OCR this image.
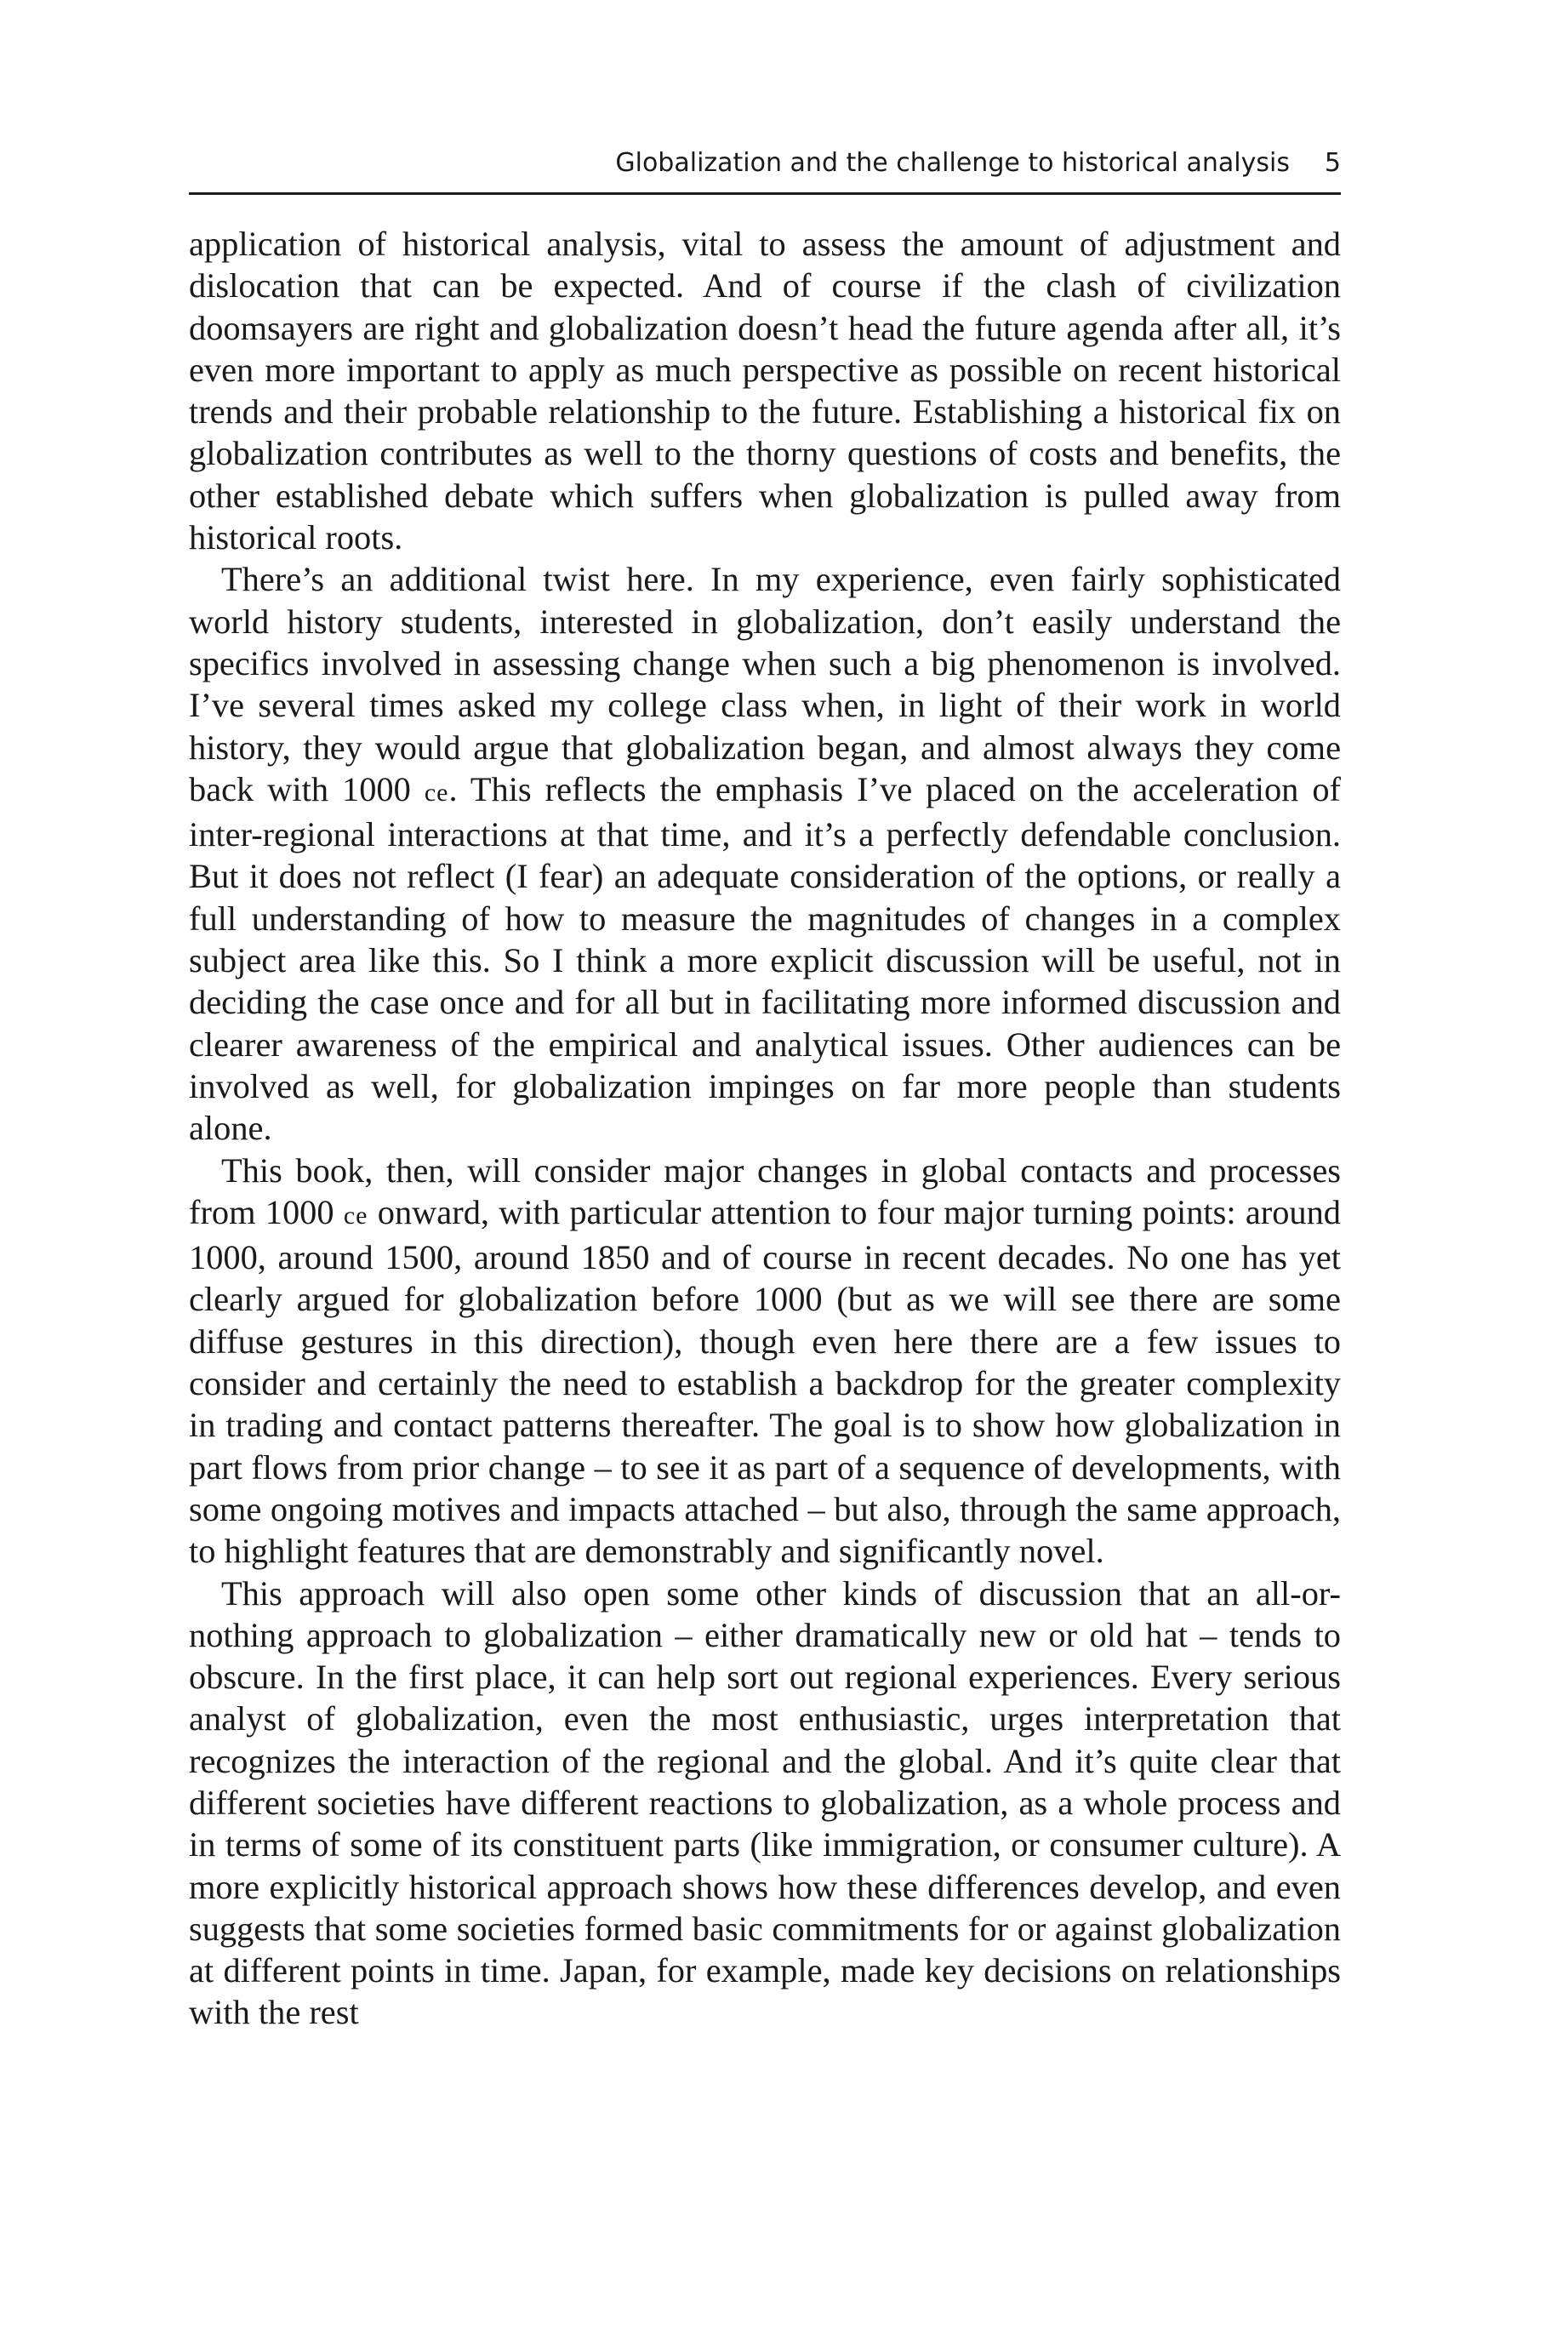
Globalization and the challenge to historical analysis 5

application of historical analysis, vital to assess the amount of adjustment and dislocation that can be expected. And of course if the clash of civilization doomsayers are right and globalization doesn’t head the future agenda after all, it’s even more important to apply as much perspective as possible on recent historical trends and their probable relationship to the future. Establishing a historical fix on globalization contributes as well to the thorny questions of costs and benefits, the other established debate which suffers when globalization is pulled away from historical roots.

There’s an additional twist here. In my experience, even fairly sophisticated world history students, interested in globalization, don’t easily understand the specifics involved in assessing change when such a big phenomenon is involved. I’ve several times asked my college class when, in light of their work in world history, they would argue that globalization began, and almost always they come back with 1000 ce. This reflects the emphasis I’ve placed on the acceleration of inter-regional interactions at that time, and it’s a perfectly defendable conclusion. But it does not reflect (I fear) an adequate consideration of the options, or really a full understanding of how to measure the magnitudes of changes in a complex subject area like this. So I think a more explicit discussion will be useful, not in deciding the case once and for all but in facilitating more informed discussion and clearer awareness of the empirical and analytical issues. Other audiences can be involved as well, for globalization impinges on far more people than students alone.

This book, then, will consider major changes in global contacts and processes from 1000 ce onward, with particular attention to four major turning points: around 1000, around 1500, around 1850 and of course in recent decades. No one has yet clearly argued for globalization before 1000 (but as we will see there are some diffuse gestures in this direction), though even here there are a few issues to consider and certainly the need to establish a backdrop for the greater complexity in trading and contact patterns thereafter. The goal is to show how globalization in part flows from prior change – to see it as part of a sequence of developments, with some ongoing motives and impacts attached – but also, through the same approach, to highlight features that are demonstrably and significantly novel.

This approach will also open some other kinds of discussion that an all-or-nothing approach to globalization – either dramatically new or old hat – tends to obscure. In the first place, it can help sort out regional experiences. Every serious analyst of globalization, even the most enthusiastic, urges interpretation that recognizes the interaction of the regional and the global. And it’s quite clear that different societies have different reactions to globalization, as a whole process and in terms of some of its constituent parts (like immigration, or consumer culture). A more explicitly historical approach shows how these differences develop, and even suggests that some societies formed basic commitments for or against globalization at different points in time. Japan, for example, made key decisions on relationships with the rest
